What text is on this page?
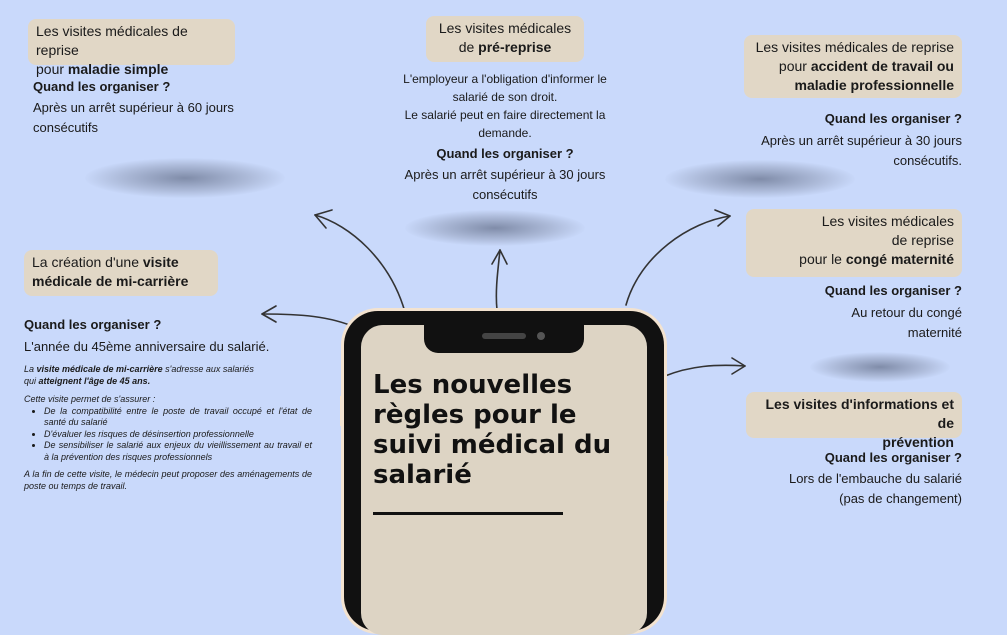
Les nouvelles
règles pour le
suivi médical du
salarié
Les visites médicales de reprise
pour maladie simple
Quand les organiser ?
Après un arrêt supérieur à 60 jours
consécutifs
Les visites médicales
de pré-reprise
L'employeur a l'obligation d'informer le
salarié de son droit.
Le salarié peut en faire directement la
demande.
Quand les organiser ?
Après un arrêt supérieur à 30 jours
consécutifs
Les visites médicales de reprise
pour accident de travail ou
maladie professionnelle
Quand les organiser ?
Après un arrêt supérieur à 30 jours
consécutifs.
Les visites médicales
de reprise
pour le congé maternité
Quand les organiser ?
Au retour du congé
maternité
Les visites d'informations et de
prévention
Quand les organiser ?
Lors de l'embauche du salarié
(pas de changement)
La création d'une visite
médicale de mi-carrière
Quand les organiser ?
L'année du 45ème anniversaire du salarié.
La visite médicale de mi-carrière s'adresse aux salariés
qui atteignent l'âge de 45 ans.
Cette visite permet de s'assurer :
• De la compatibilité entre le poste de travail occupé et l'état de santé du salarié
• D'évaluer les risques de désinsertion professionnelle
• De sensibiliser le salarié aux enjeux du vieillissement au travail et à la prévention des risques professionnels
A la fin de cette visite, le médecin peut proposer des aménagements de poste ou temps de travail.
